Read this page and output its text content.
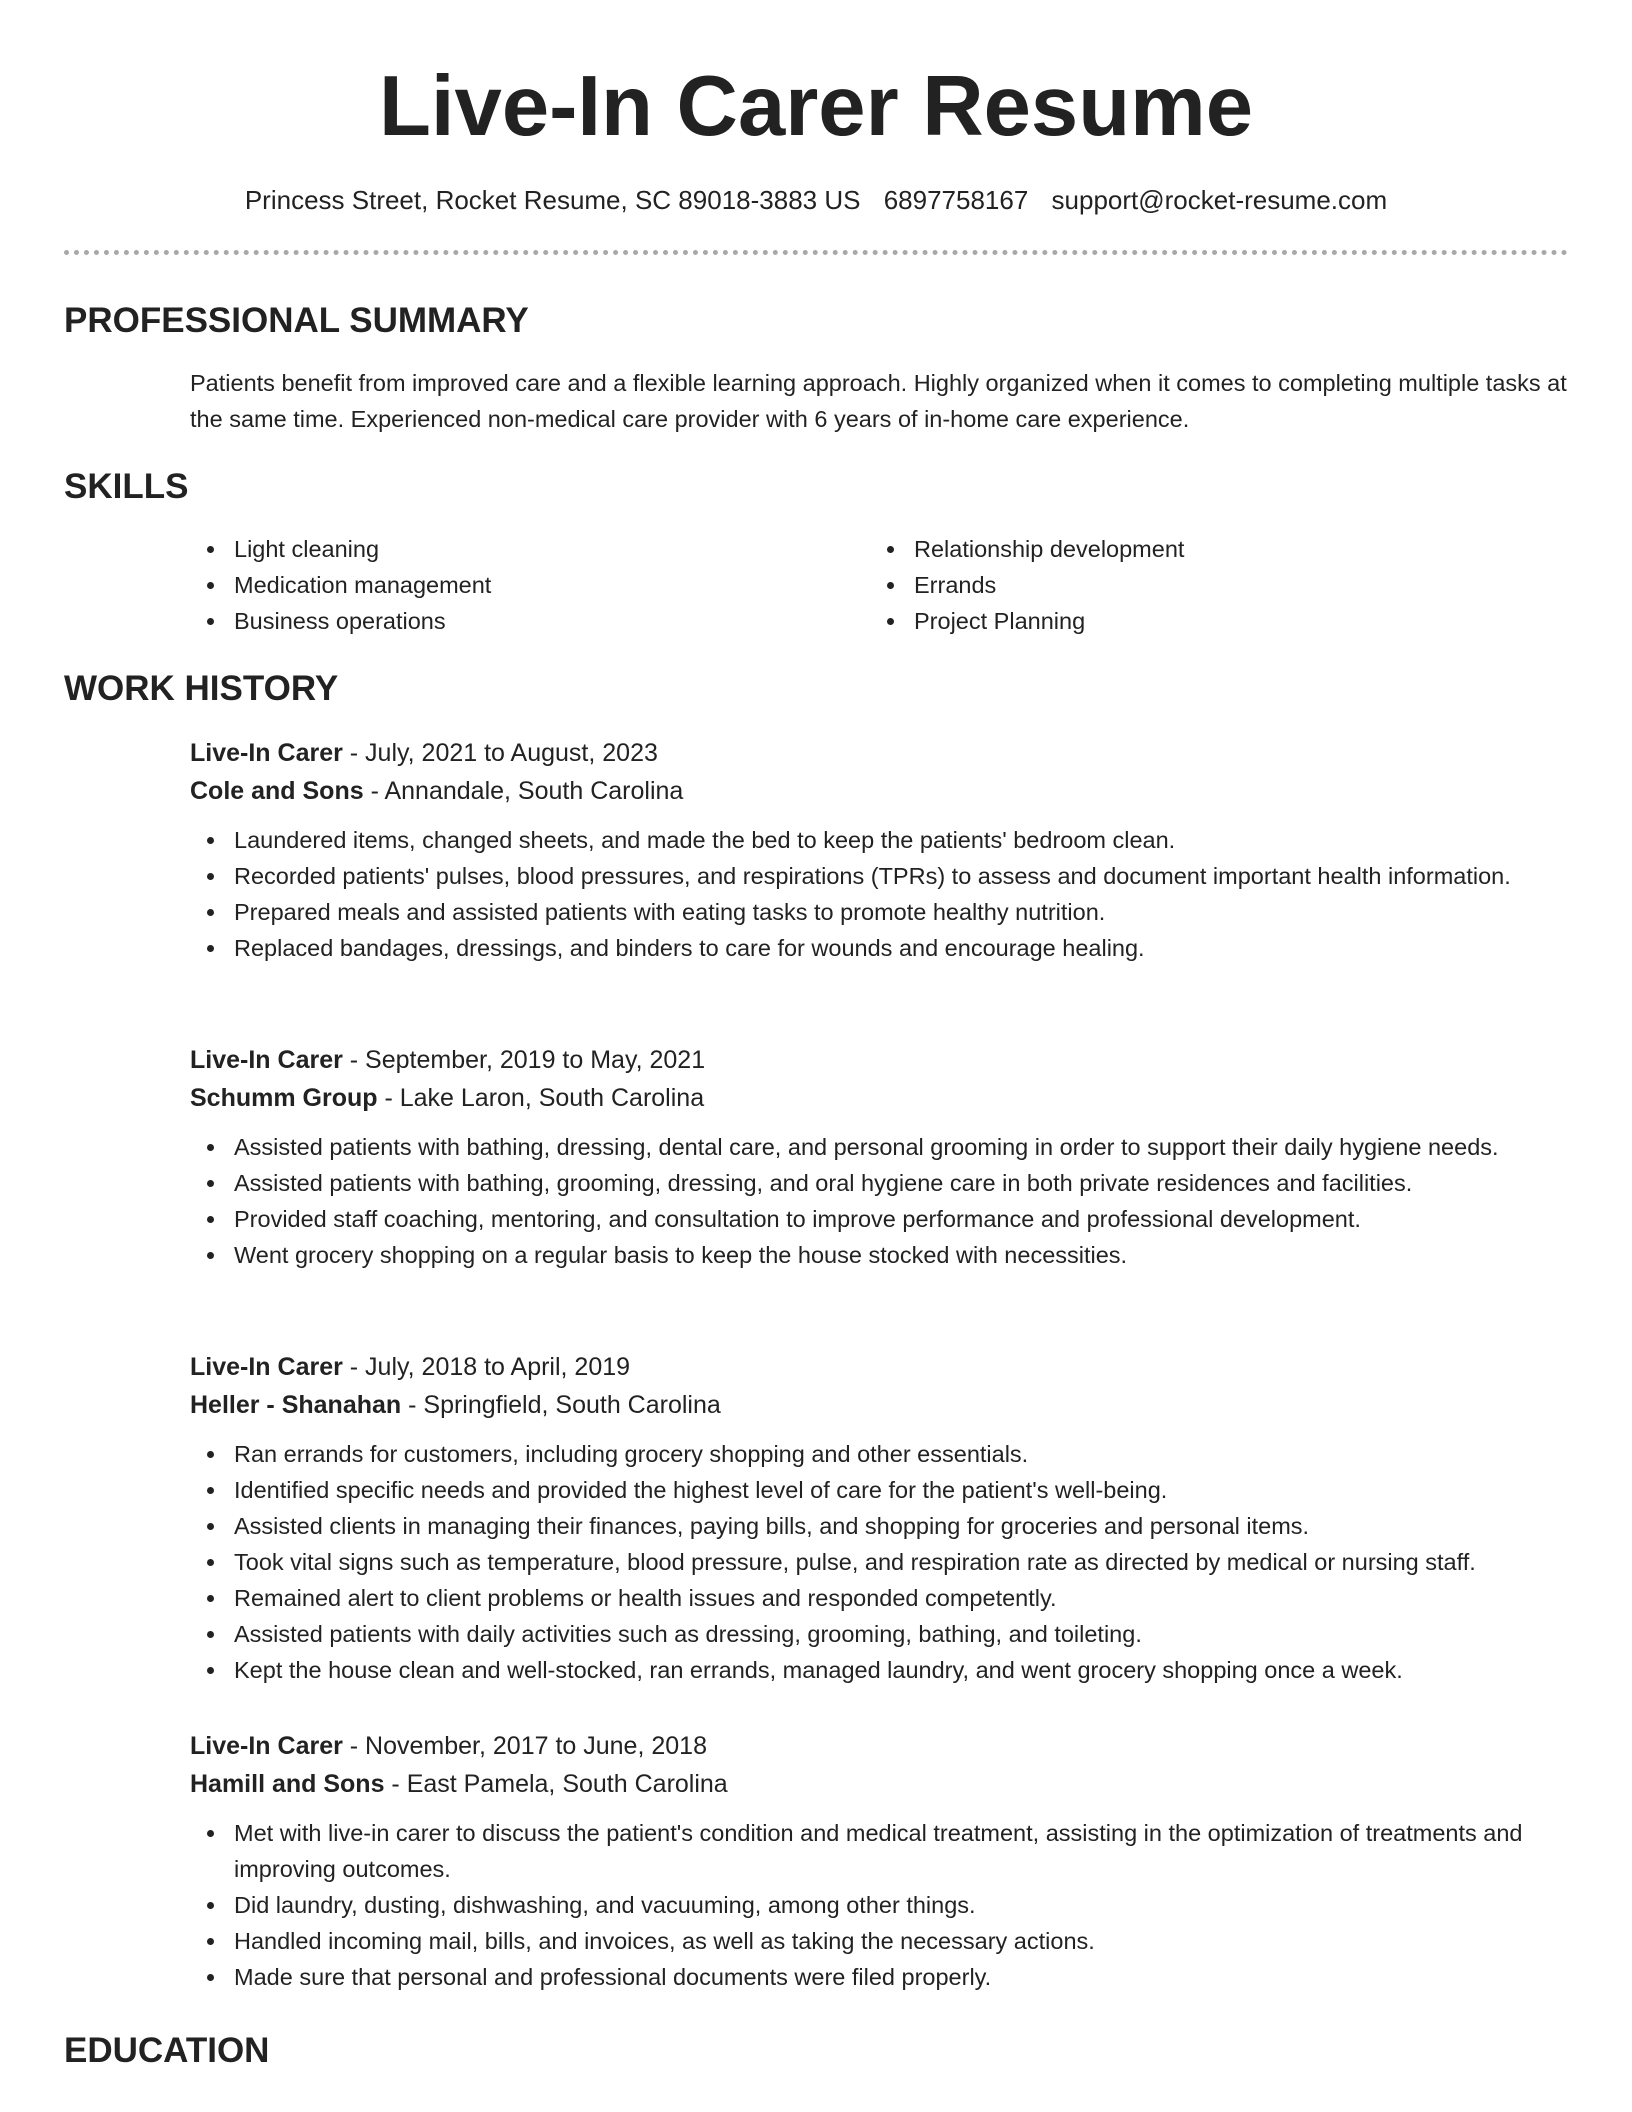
Live-In Carer Resume
Princess Street, Rocket Resume, SC 89018-3883 US 6897758167 support@rocket-resume.com
PROFESSIONAL SUMMARY

Patients benefit from improved care and a flexible learning approach. Highly organized when it comes to completing multiple tasks at the same time. Experienced non-medical care provider with 6 years of in-home care experience.

SKILLS
Light cleaning
Medication management
Business operations
Relationship development
Errands
Project Planning
WORK HISTORY
Live-In Carer - July, 2021 to August, 2023
Cole and Sons - Annandale, South Carolina
Laundered items, changed sheets, and made the bed to keep the patients' bedroom clean.
Recorded patients' pulses, blood pressures, and respirations (TPRs) to assess and document important health information.
Prepared meals and assisted patients with eating tasks to promote healthy nutrition.
Replaced bandages, dressings, and binders to care for wounds and encourage healing.
Live-In Carer - September, 2019 to May, 2021
Schumm Group - Lake Laron, South Carolina
Assisted patients with bathing, dressing, dental care, and personal grooming in order to support their daily hygiene needs.
Assisted patients with bathing, grooming, dressing, and oral hygiene care in both private residences and facilities.
Provided staff coaching, mentoring, and consultation to improve performance and professional development.
Went grocery shopping on a regular basis to keep the house stocked with necessities.
Live-In Carer - July, 2018 to April, 2019
Heller - Shanahan - Springfield, South Carolina
Ran errands for customers, including grocery shopping and other essentials.
Identified specific needs and provided the highest level of care for the patient's well-being.
Assisted clients in managing their finances, paying bills, and shopping for groceries and personal items.
Took vital signs such as temperature, blood pressure, pulse, and respiration rate as directed by medical or nursing staff.
Remained alert to client problems or health issues and responded competently.
Assisted patients with daily activities such as dressing, grooming, bathing, and toileting.
Kept the house clean and well-stocked, ran errands, managed laundry, and went grocery shopping once a week.
Live-In Carer - November, 2017 to June, 2018
Hamill and Sons - East Pamela, South Carolina
Met with live-in carer to discuss the patient's condition and medical treatment, assisting in the optimization of treatments and improving outcomes.
Did laundry, dusting, dishwashing, and vacuuming, among other things.
Handled incoming mail, bills, and invoices, as well as taking the necessary actions.
Made sure that personal and professional documents were filed properly.
EDUCATION
